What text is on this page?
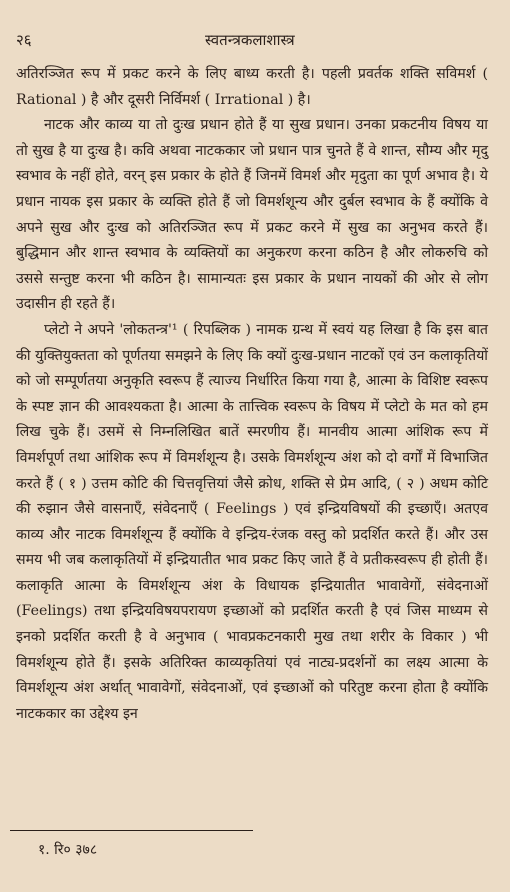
२६	स्वतन्त्रकलाशास्त्र

अतिरञ्जित रूप में प्रकट करने के लिए बाध्य करती है। पहली प्रवर्तक शक्ति सविमर्श ( Rational ) है और दूसरी निर्विमर्श ( Irrational ) है।

नाटक और काव्य या तो दुःख प्रधान होते हैं या सुख प्रधान। उनका प्रकटनीय विषय या तो सुख है या दुःख है। कवि अथवा नाटककार जो प्रधान पात्र चुनते हैं वे शान्त, सौम्य और मृदु स्वभाव के नहीं होते, वरन् इस प्रकार के होते हैं जिनमें विमर्श और मृदुता का पूर्ण अभाव है। ये प्रधान नायक इस प्रकार के व्यक्ति होते हैं जो विमर्शशून्य और दुर्बल स्वभाव के हैं क्योंकि वे अपने सुख और दुःख को अतिरञ्जित रूप में प्रकट करने में सुख का अनुभव करते हैं। बुद्धिमान और शान्त स्वभाव के व्यक्तियों का अनुकरण करना कठिन है और लोकरुचि को उससे सन्तुष्ट करना भी कठिन है। सामान्यतः इस प्रकार के प्रधान नायकों की ओर से लोग उदासीन ही रहते हैं।

प्लेटो ने अपने 'लोकतन्त्र'¹ ( रिपब्लिक ) नामक ग्रन्थ में स्वयं यह लिखा है कि इस बात की युक्तियुक्तता को पूर्णतया समझने के लिए कि क्यों दुःख-प्रधान नाटकों एवं उन कलाकृतियों को जो सम्पूर्णतया अनुकृति स्वरूप हैं त्याज्य निर्धारित किया गया है, आत्मा के विशिष्ट स्वरूप के स्पष्ट ज्ञान की आवश्यकता है। आत्मा के तात्त्विक स्वरूप के विषय में प्लेटो के मत को हम लिख चुके हैं। उसमें से निम्नलिखित बातें स्मरणीय हैं। मानवीय आत्मा आंशिक रूप में विमर्शपूर्ण तथा आंशिक रूप में विमर्शशून्य है। उसके विमर्शशून्य अंश को दो वर्गों में विभाजित करते हैं ( १ ) उत्तम कोटि की चित्तवृत्तियां जैसे क्रोध, शक्ति से प्रेम आदि, ( २ ) अधम कोटि की रुझान जैसे वासनाएँ, संवेदनाएँ ( Feelings ) एवं इन्द्रियविषयों की इच्छाएँ। अतएव काव्य और नाटक विमर्शशून्य हैं क्योंकि वे इन्द्रिय-रंजक वस्तु को प्रदर्शित करते हैं। और उस समय भी जब कलाकृतियों में इन्द्रियातीत भाव प्रकट किए जाते हैं वे प्रतीकस्वरूप ही होती हैं। कलाकृति आत्मा के विमर्शशून्य अंश के विधायक इन्द्रियातीत भावावेगों, संवेदनाओं (Feelings) तथा इन्द्रियविषयपरायण इच्छाओं को प्रदर्शित करती है एवं जिस माध्यम से इनको प्रदर्शित करती है वे अनुभाव ( भावप्रकटनकारी मुख तथा शरीर के विकार ) भी विमर्शशून्य होते हैं। इसके अतिरिक्त काव्यकृतियां एवं नाट्य-प्रदर्शनों का लक्ष्य आत्मा के विमर्शशून्य अंश अर्थात् भावावेगों, संवेदनाओं, एवं इच्छाओं को परितुष्ट करना होता है क्योंकि नाटककार का उद्देश्य इन

१. रि० ३७८
